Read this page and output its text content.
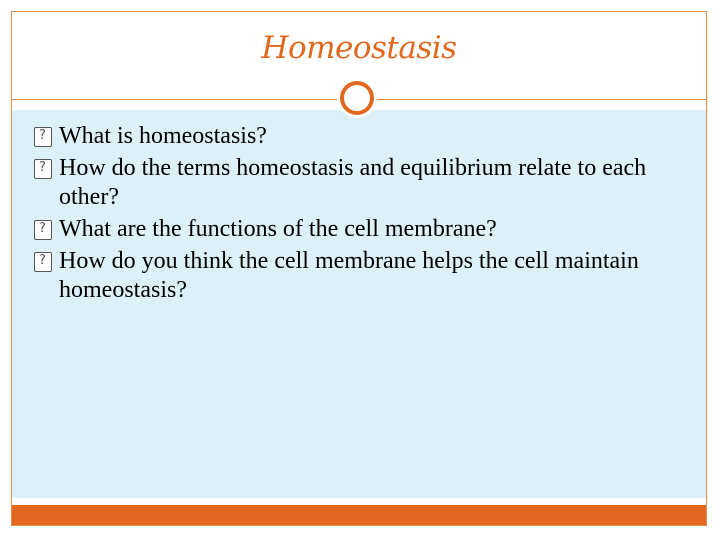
Homeostasis
?
What is homeostasis?
?
How do the terms homeostasis and equilibrium relate to each other?
?
What are the functions of the cell membrane?
?
How do you think the cell membrane helps the cell maintain homeostasis?
